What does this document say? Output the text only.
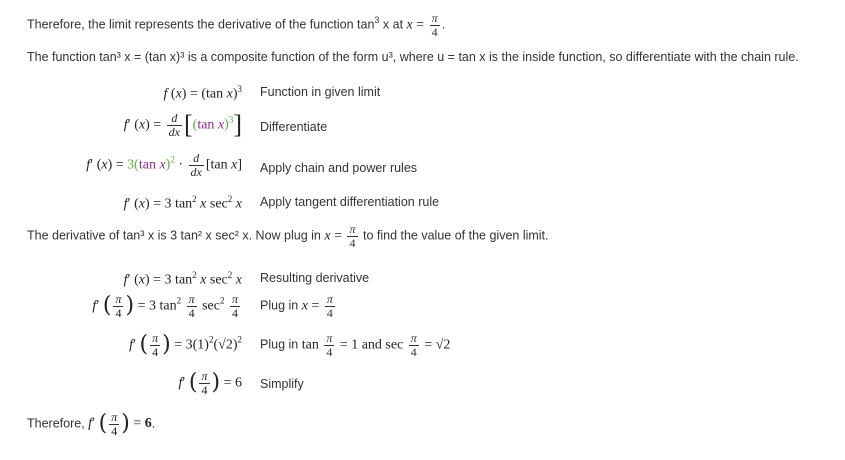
Therefore, the limit represents the derivative of the function $\tan^3 x$ at $x = \frac{\pi}{4}$ .
The function tan³ x = (tan x)³ is a composite function of the form u³, where u = tan x is the inside function, so differentiate with the chain rule.
f (x) = (tan x)$^3$ Function in given limit
f′ $(x) = \frac{d}{dx} [(\tan$ x)$^3$] Differentiate
f′ (x) = 3(tan $x)^2 \cdot \frac{d}{dx} [\tan$ x] Apply chain and power rules
f′ (x) = 3 $\tan^2 x$ $\sec^2 x$ Apply tangent differentiation rule
The derivative of tan³ x is 3 tan² x sec² x. Now plug in $x = \frac{\pi}{4}$ to find the value of the given limit.
f′ (x) = 3 $\tan^2 x$ $\sec^2 x$ Resulting derivative
f′ ( $\frac{\pi}{4}$ ) = 3 $\tan^2 \frac{\pi}{4} \sec^2 \frac{\pi}{4}$ Plug in $x = \frac{\pi}{4}$
f′ ( $\frac{\pi}{4}$ ) = $3(1)^2(√2)^2$ Plug in $\tan \frac{\pi}{4} = 1$ and $\sec \frac{\pi}{4} = √2$
f′ ( $\frac{\pi}{4}$ ) = 6 Simplify
Therefore, f′ ( $\frac{\pi}{4}$ ) = 6.
